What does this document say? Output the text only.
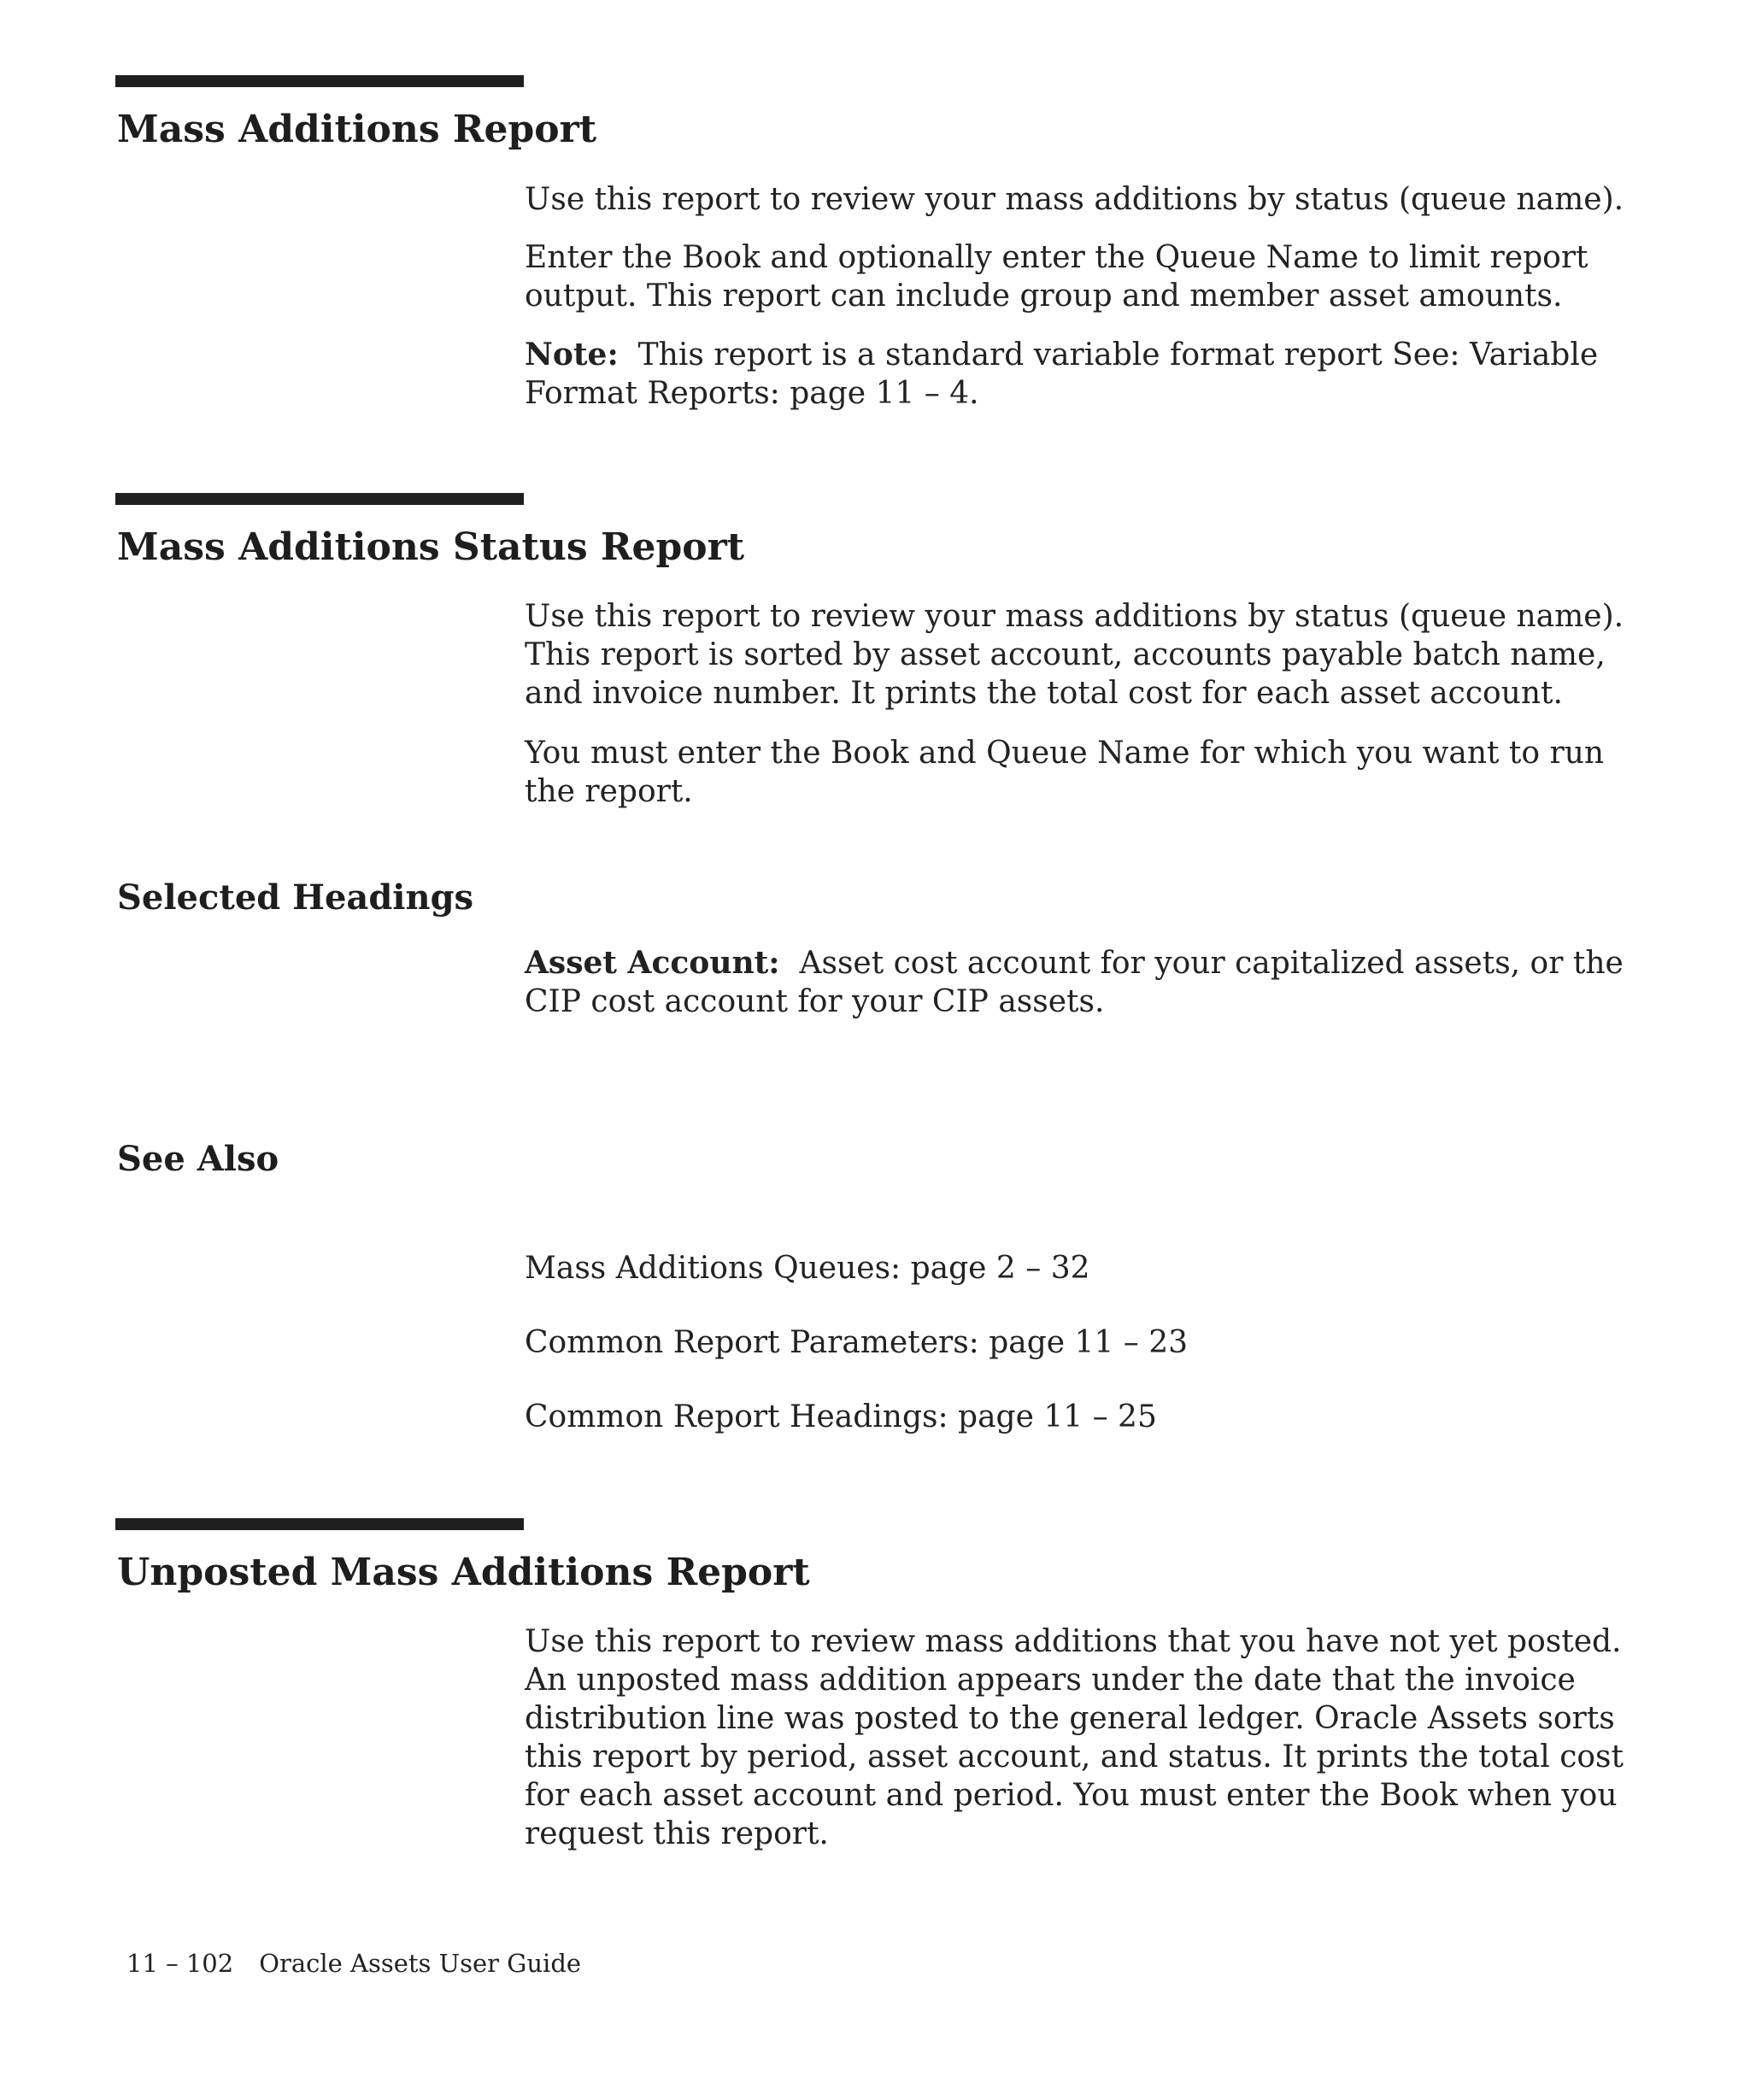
Mass Additions Report

Use this report to review your mass additions by status (queue name).

Enter the Book and optionally enter the Queue Name to limit report output. This report can include group and member asset amounts.

Note: This report is a standard variable format report See: Variable Format Reports: page 11 – 4.

Mass Additions Status Report

Use this report to review your mass additions by status (queue name). This report is sorted by asset account, accounts payable batch name, and invoice number. It prints the total cost for each asset account.

You must enter the Book and Queue Name for which you want to run the report.

Selected Headings

Asset Account: Asset cost account for your capitalized assets, or the CIP cost account for your CIP assets.

See Also

Mass Additions Queues: page 2 – 32

Common Report Parameters: page 11 – 23

Common Report Headings: page 11 – 25

Unposted Mass Additions Report

Use this report to review mass additions that you have not yet posted. An unposted mass addition appears under the date that the invoice distribution line was posted to the general ledger. Oracle Assets sorts this report by period, asset account, and status. It prints the total cost for each asset account and period. You must enter the Book when you request this report.

11 – 102 Oracle Assets User Guide
